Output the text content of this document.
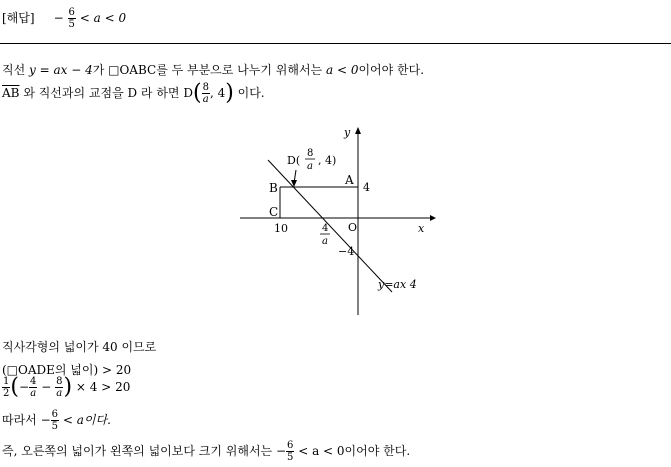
[해답] − $\frac{6}{5} < a < 0$
직선 y = ax − 4가 □OABC를 두 부분으로 나누기 위해서는 a < 0이어야 한다.
$\overline{AB}$ 와 직선과의 교점을 D 라 하면 $D( \frac{8}{a}$ , 4) 이다.
y
x
D(
8
a , 4)
A
B
C
4
O
10	4
a
−4
y=ax 4
직사각형의 넓이가 40 이므로
(□OADE의 넓이) > 20
$\frac{1}{2}$ (− $\frac{4}{a} - \frac{8}{a}$ ) × 4 > 20
따라서 − $\frac{6}{5} < a$이다.
즉, 오른쪽의 넓이가 왼쪽의 넓이보다 크기 위해서는 − $\frac{6}{5} < a < 0$이어야 한다.
